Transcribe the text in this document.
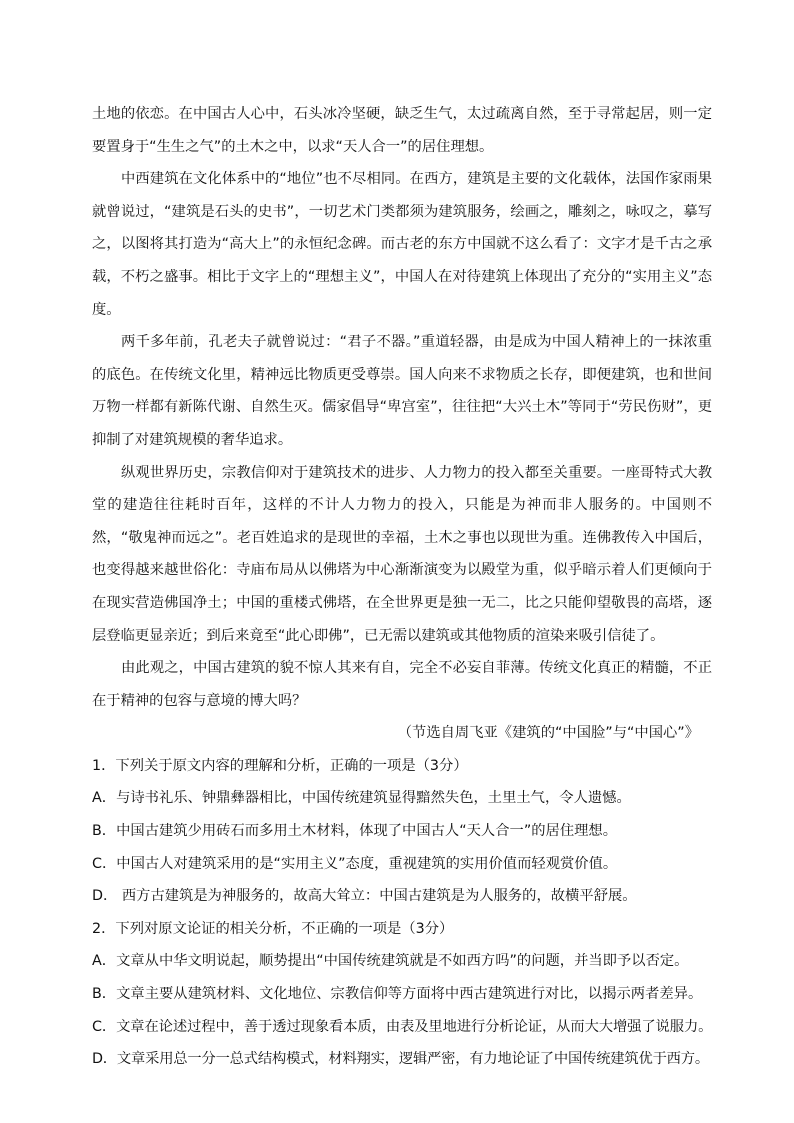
土地的依恋。在中国古人心中，石头冰冷坚硬，缺乏生气，太过疏离自然，至于寻常起居，则一定要置身于“生生之气”的土木之中，以求“天人合一”的居住理想。

中西建筑在文化体系中的“地位”也不尽相同。在西方，建筑是主要的文化载体，法国作家雨果就曾说过，“建筑是石头的史书”，一切艺术门类都须为建筑服务，绘画之，雕刻之，咏叹之，摹写之，以图将其打造为“高大上”的永恒纪念碑。而古老的东方中国就不这么看了：文字才是千古之承载，不朽之盛事。相比于文字上的“理想主义”，中国人在对待建筑上体现出了充分的“实用主义”态度。

两千多年前，孔老夫子就曾说过：“君子不器。”重道轻器，由是成为中国人精神上的一抹浓重的底色。在传统文化里，精神远比物质更受尊崇。国人向来不求物质之长存，即便建筑，也和世间万物一样都有新陈代谢、自然生灭。儒家倡导“卑宫室”，往往把“大兴土木”等同于“劳民伤财”，更抑制了对建筑规模的奢华追求。

纵观世界历史，宗教信仰对于建筑技术的进步、人力物力的投入都至关重要。一座哥特式大教堂的建造往往耗时百年，这样的不计人力物力的投入，只能是为神而非人服务的。中国则不然，“敬鬼神而远之”。老百姓追求的是现世的幸福，土木之事也以现世为重。连佛教传入中国后，也变得越来越世俗化：寺庙布局从以佛塔为中心渐渐演变为以殿堂为重，似乎暗示着人们更倾向于在现实营造佛国净土；中国的重楼式佛塔，在全世界更是独一无二，比之只能仰望敬畏的高塔，逐层登临更显亲近；到后来竟至“此心即佛”，已无需以建筑或其他物质的渲染来吸引信徒了。

由此观之，中国古建筑的貌不惊人其来有自，完全不必妄自菲薄。传统文化真正的精髓，不正在于精神的包容与意境的博大吗？

（节选自周飞亚《建筑的“中国脸”与“中国心”》

1．下列关于原文内容的理解和分析，正确的一项是（3分）

A．与诗书礼乐、钟鼎彝器相比，中国传统建筑显得黯然失色，土里土气，令人遗憾。

B．中国古建筑少用砖石而多用土木材料，体现了中国古人“天人合一”的居住理想。

C．中国古人对建筑采用的是“实用主义”态度，重视建筑的实用价值而轻观赏价值。

D． 西方古建筑是为神服务的，故高大耸立：中国古建筑是为人服务的，故横平舒展。

2．下列对原文论证的相关分析，不正确的一项是（3分）

A．文章从中华文明说起，顺势提出“中国传统建筑就是不如西方吗”的问题，并当即予以否定。

B．文章主要从建筑材料、文化地位、宗教信仰等方面将中西古建筑进行对比，以揭示两者差异。

C．文章在论述过程中，善于透过现象看本质，由表及里地进行分析论证，从而大大增强了说服力。

D．文章采用总一分一总式结构模式，材料翔实，逻辑严密，有力地论证了中国传统建筑优于西方。
